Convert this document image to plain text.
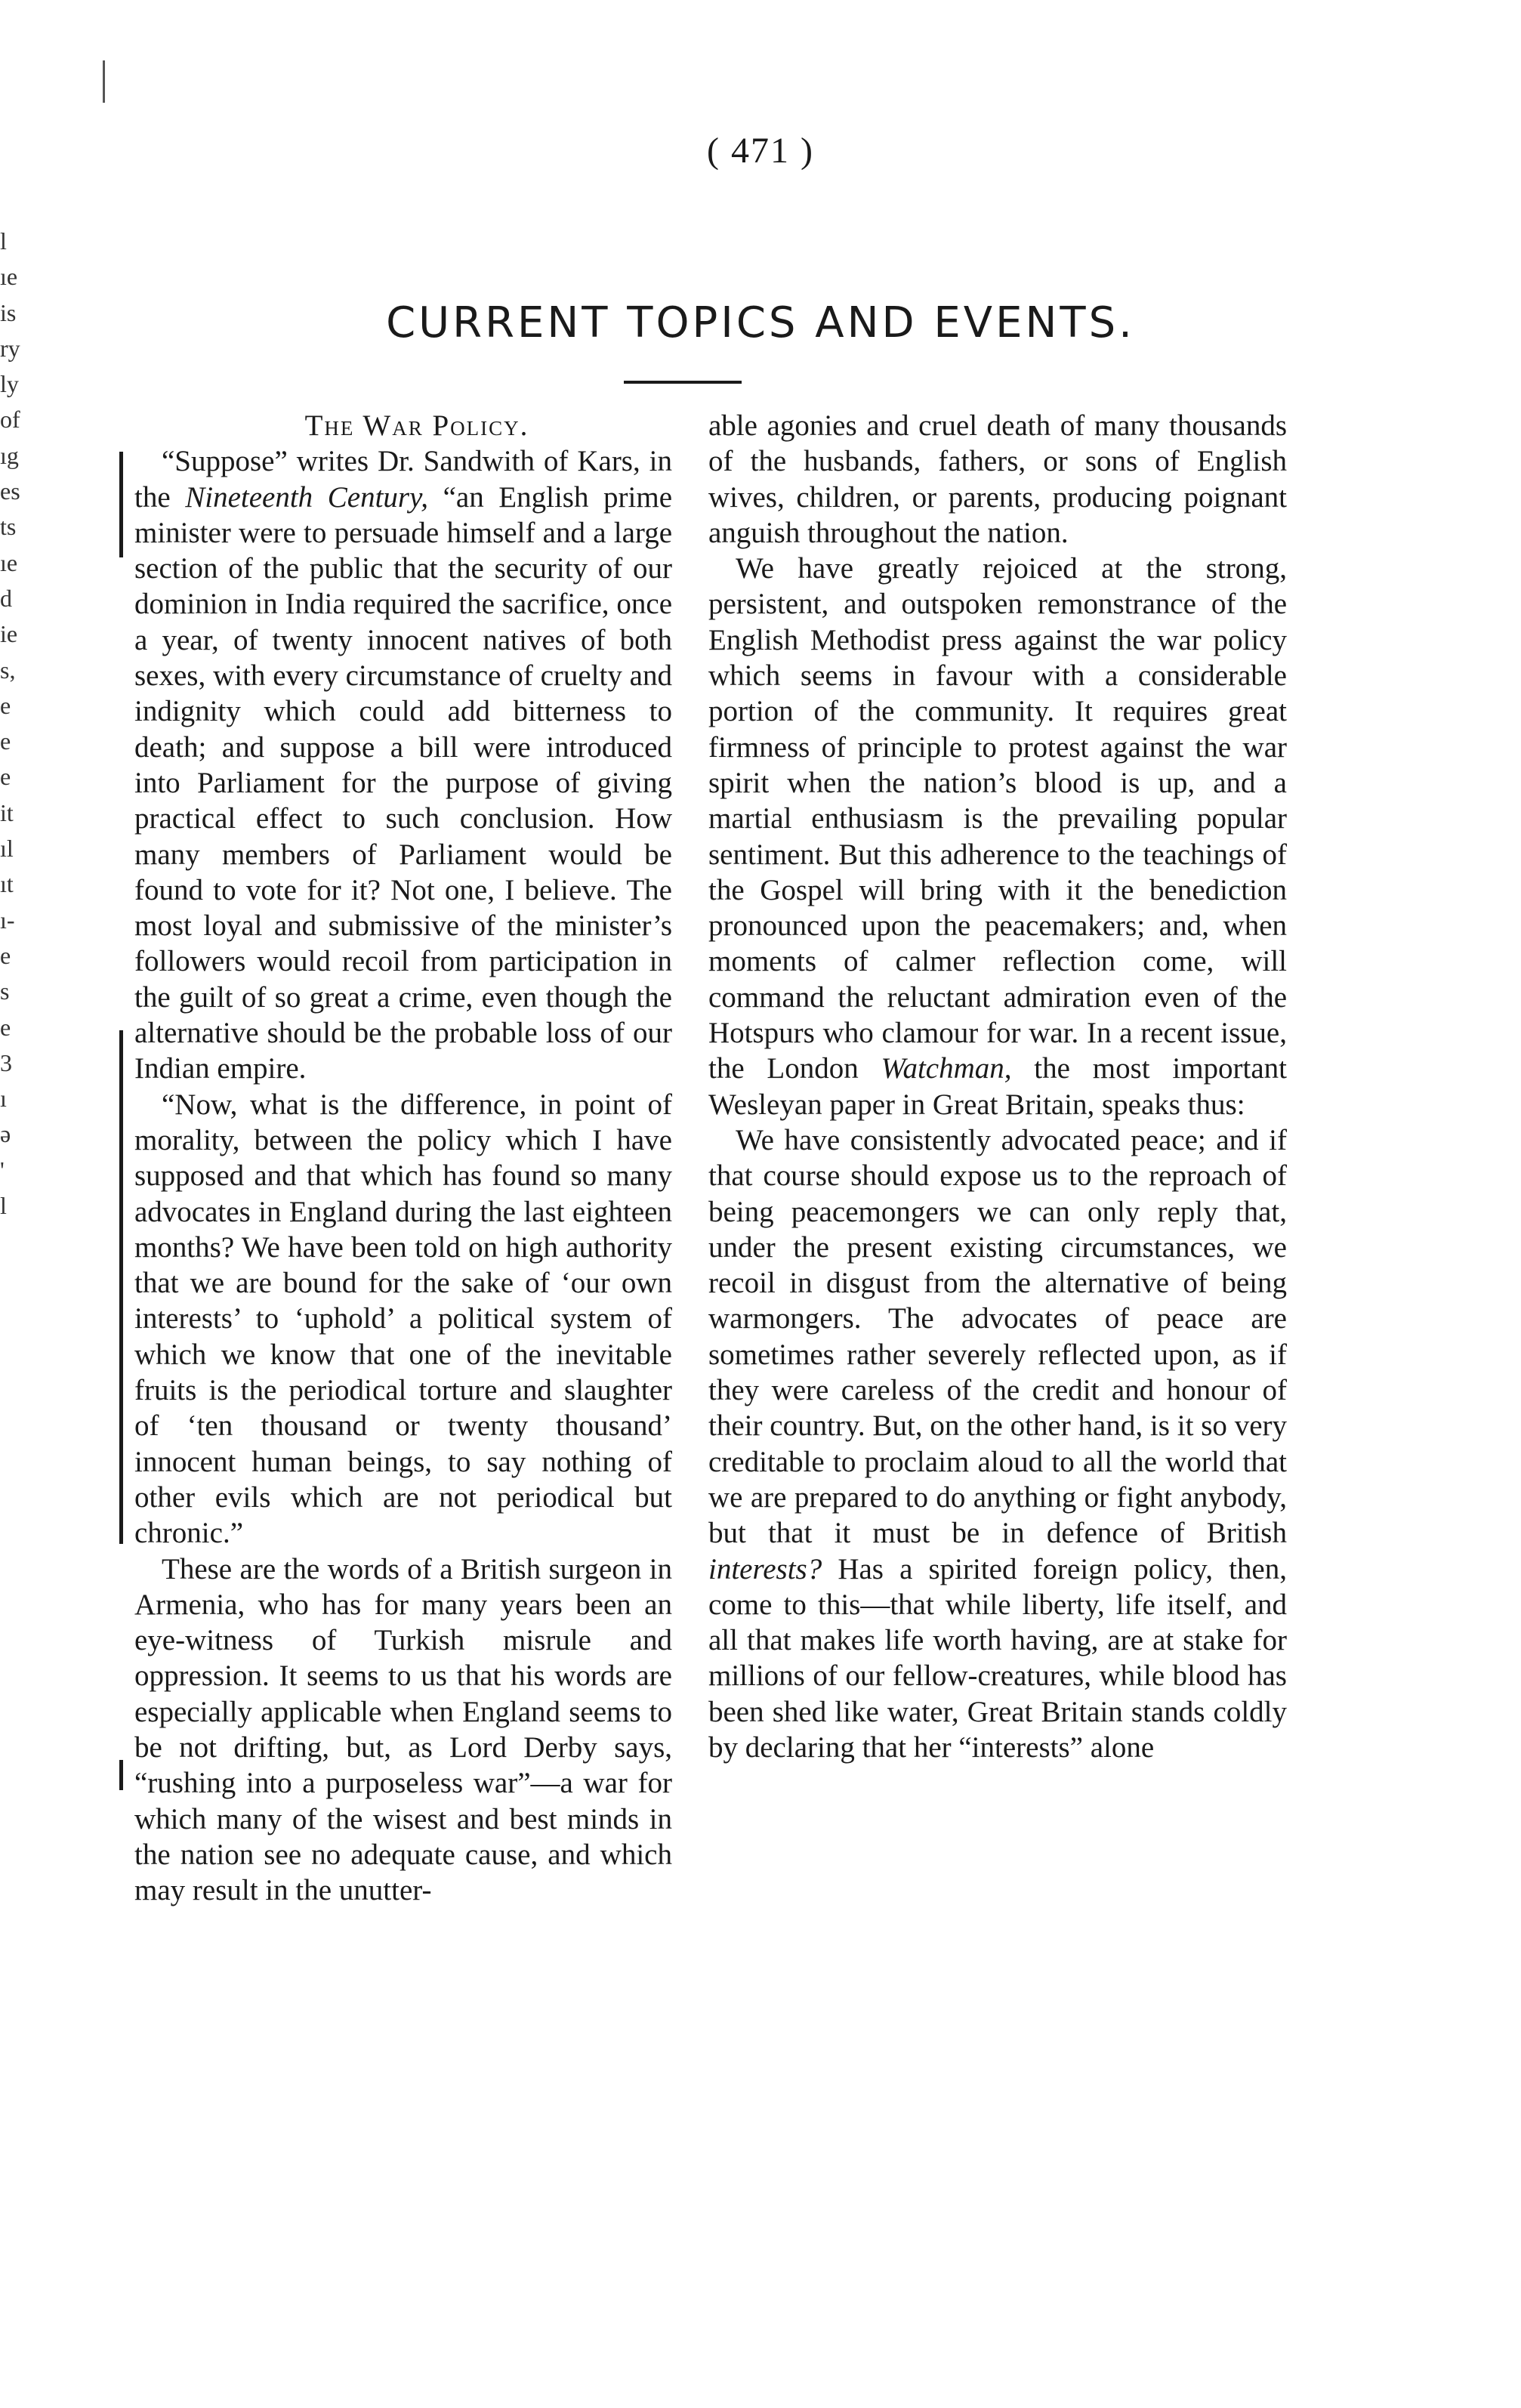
l
ıe
is
ry
ly
of
ıg
es
ts
ıe
d
ie
s,
e
e
e
it
ıl
ıt
ı-
e
s
e
3
ı
ə
'
l
( 471 )
CURRENT TOPICS AND EVENTS.

The War Policy.

“Suppose” writes Dr. Sandwith of Kars, in the Nineteenth Century, “an English prime minister were to persuade himself and a large section of the public that the security of our dominion in India required the sacrifice, once a year, of twenty innocent natives of both sexes, with every circumstance of cruelty and indignity which could add bitterness to death; and suppose a bill were introduced into Parliament for the purpose of giving practical effect to such conclusion. How many members of Parliament would be found to vote for it? Not one, I believe. The most loyal and submissive of the minister’s followers would recoil from participation in the guilt of so great a crime, even though the alternative should be the probable loss of our Indian empire.

“Now, what is the difference, in point of morality, between the policy which I have supposed and that which has found so many advocates in England during the last eighteen months? We have been told on high authority that we are bound for the sake of ‘our own interests’ to ‘uphold’ a political system of which we know that one of the inevitable fruits is the periodical torture and slaughter of ‘ten thousand or twenty thousand’ innocent human beings, to say nothing of other evils which are not periodical but chronic.”

These are the words of a British surgeon in Armenia, who has for many years been an eye-witness of Turkish misrule and oppression. It seems to us that his words are especially applicable when England seems to be not drifting, but, as Lord Derby says, “rushing into a purposeless war”—a war for which many of the wisest and best minds in the nation see no adequate cause, and which may result in the unutter-

able agonies and cruel death of many thousands of the husbands, fathers, or sons of English wives, children, or parents, producing poignant anguish throughout the nation.

We have greatly rejoiced at the strong, persistent, and outspoken remonstrance of the English Methodist press against the war policy which seems in favour with a considerable portion of the community. It requires great firmness of principle to protest against the war spirit when the nation’s blood is up, and a martial enthusiasm is the prevailing popular sentiment. But this adherence to the teachings of the Gospel will bring with it the benediction pronounced upon the peacemakers; and, when moments of calmer reflection come, will command the reluctant admiration even of the Hotspurs who clamour for war. In a recent issue, the London Watchman, the most important Wesleyan paper in Great Britain, speaks thus:

We have consistently advocated peace; and if that course should expose us to the reproach of being peacemongers we can only reply that, under the present existing circumstances, we recoil in disgust from the alternative of being warmongers. The advocates of peace are sometimes rather severely reflected upon, as if they were careless of the credit and honour of their country. But, on the other hand, is it so very creditable to proclaim aloud to all the world that we are prepared to do anything or fight anybody, but that it must be in defence of British interests? Has a spirited foreign policy, then, come to this—that while liberty, life itself, and all that makes life worth having, are at stake for millions of our fellow-creatures, while blood has been shed like water, Great Britain stands coldly by declaring that her “interests” alone
